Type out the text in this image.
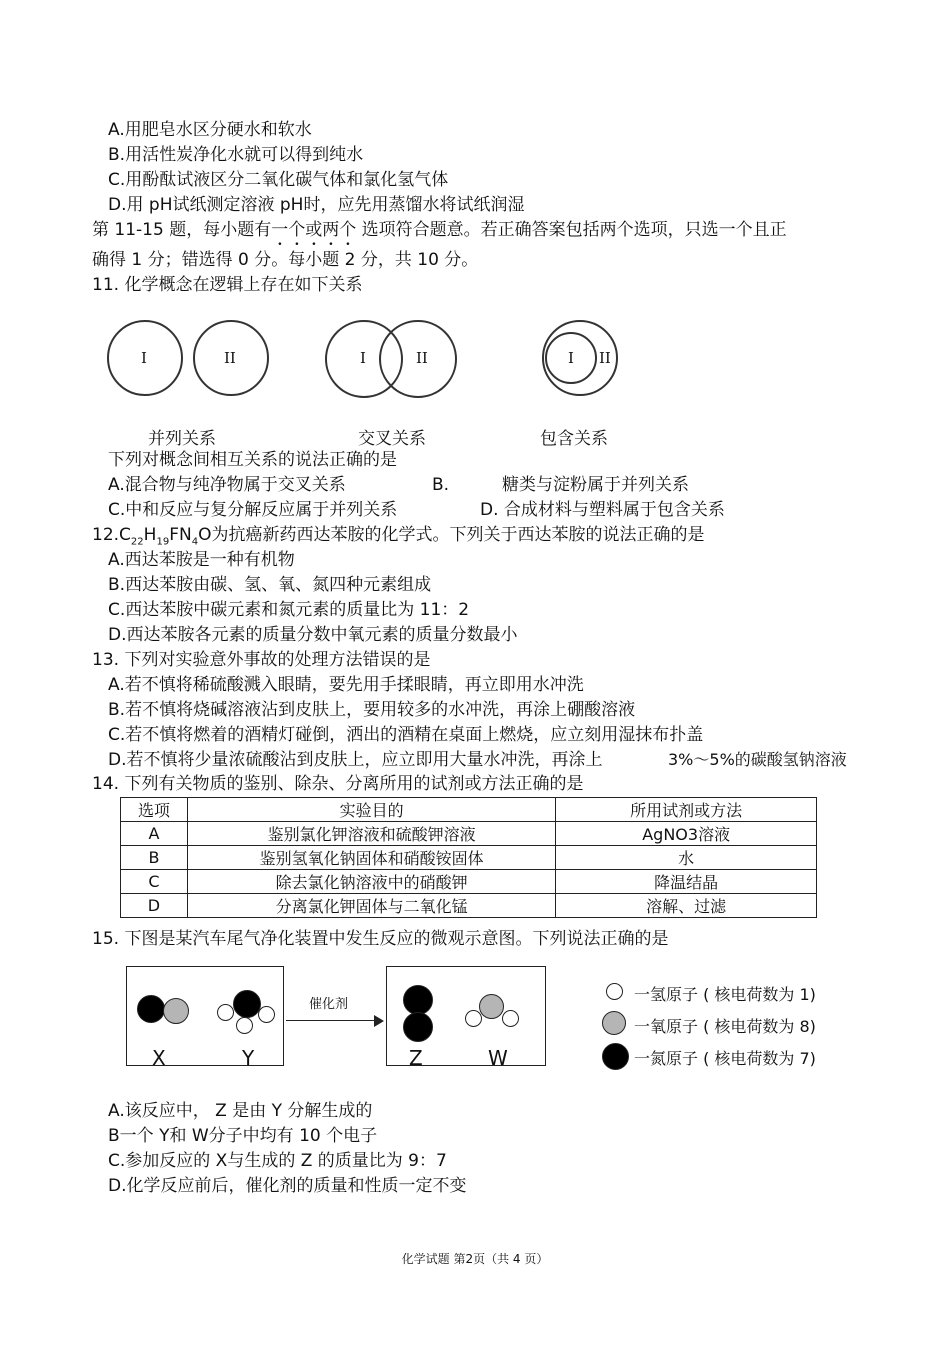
A.用肥皂水区分硬水和软水
B.用活性炭净化水就可以得到纯水
C.用酚酞试液区分二氧化碳气体和氯化氢气体
D.用 pH试纸测定溶液 pH时，应先用蒸馏水将试纸润湿
第 11-15 题，每小题有一个或两个 选项符合题意。若正确答案包括两个选项，只选一个且正
确得 1 分；错选得 0 分。每小题 2 分，共 10 分。
11. 化学概念在逻辑上存在如下关系
I	II	I	II	I II
并列关系	交叉关系	包含关系
下列对概念间相互关系的说法正确的是
A.混合物与纯净物属于交叉关系	B.	糖类与淀粉属于并列关系
C.中和反应与复分解反应属于并列关系	D. 合成材料与塑料属于包含关系
$12.C_{22}H_{19}FN_4O$为抗癌新药西达苯胺的化学式。下列关于西达苯胺的说法正确的是
A.西达苯胺是一种有机物
B.西达苯胺由碳、氢、氧、氮四种元素组成
C.西达苯胺中碳元素和氮元素的质量比为 11：2
D.西达苯胺各元素的质量分数中氧元素的质量分数最小
13. 下列对实验意外事故的处理方法错误的是
A.若不慎将稀硫酸溅入眼睛，要先用手揉眼睛，再立即用水冲洗
B.若不慎将烧碱溶液沾到皮肤上，要用较多的水冲洗，再涂上硼酸溶液
C.若不慎将燃着的酒精灯碰倒，洒出的酒精在桌面上燃烧，应立刻用湿抹布扑盖
D.若不慎将少量浓硫酸沾到皮肤上，应立即用大量水冲洗，再涂上	3%～5%的碳酸氢钠溶液
14. 下列有关物质的鉴别、除杂、分离所用的试剂或方法正确的是
选项	实验目的	所用试剂或方法
A	鉴别氯化钾溶液和硫酸钾溶液	AgNO3溶液
B	鉴别氢氧化钠固体和硝酸铵固体	水
C	除去氯化钠溶液中的硝酸钾	降温结晶
D	分离氯化钾固体与二氧化锰	溶解、过滤
15. 下图是某汽车尾气净化装置中发生反应的微观示意图。下列说法正确的是
X	Y
催化剂
Z	W
一氢原子 ( 核电荷数为 1)
一氧原子 ( 核电荷数为 8)
一氮原子 ( 核电荷数为 7)
A.该反应中， Z 是由 Y 分解生成的
B一个 Y和 W分子中均有 10 个电子
C.参加反应的 X与生成的 Z 的质量比为 9：7
D.化学反应前后，催化剂的质量和性质一定不变
化学试题 第2页（共 4 页）
